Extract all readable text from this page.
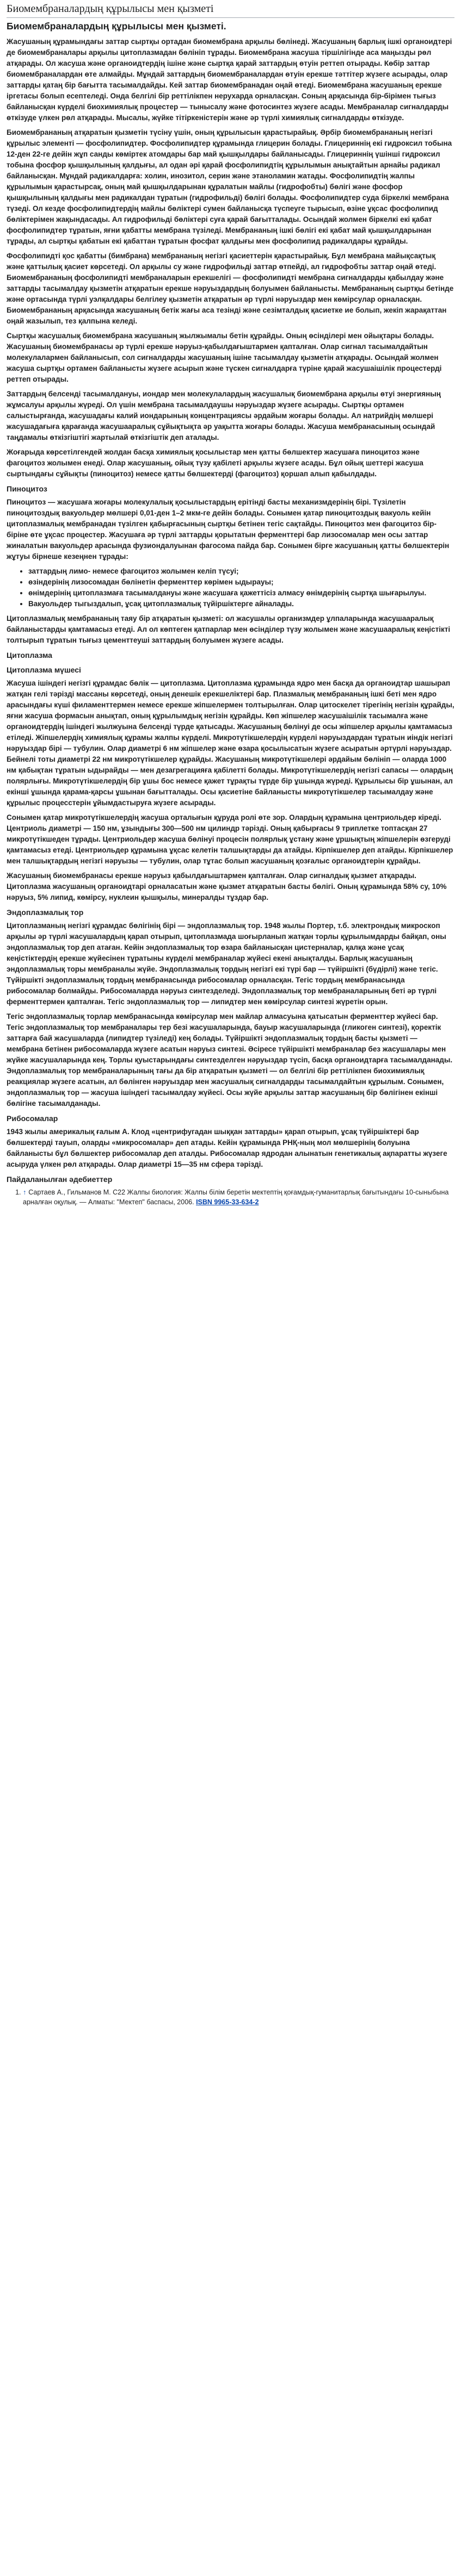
Биомембраналардың құрылысы мен қызметі
Биомембраналардың құрылысы мен қызметі.

Жасушаның құрамындағы заттар сыртқы ортадан биомембрана арқылы бөлінеді. Жасушаның барлық ішкі органоидтері де биомембраналары арқылы цитоплазмадан бөлініп тұрады. Биомембрана жасуша тіршілігінде аса маңызды рөл атқарады. Ол жасуша және органоидтердің ішіне және сыртқа қарай заттардың өтуін реттеп отырады. Көбiр заттар биомембраналардан өте алмайды. Мұндай заттардың биомембраналардан өтуін ерекше тәттiтер жүзеге асырады, олар заттарды қатаң бiр бағытта тасымалдайды. Кей заттар биомембранадан оңай өтеді. Биомембрана жасушаның ерекше iргетасы болып есептеледі. Онда белгiлi бiр реттiлiкпен нерухарда орналасқан. Соның арқасында бiр-бiрiмен тығыз байланысқан күрделi биохимиялық процестер — тынысалу және фотосинтез жүзеге асады. Мембраналар сигналдарды өткiзуде үлкен рөл атқарады. Мысалы, жүйке тiтiркенiстерiн және әр түрлi химиялық сигналдарды өткiзуде.

Биомембрананың атқаратын қызметін түсіну үшін, оның құрылысын қарастырайық. Әрбiр биомембрананың негiзгi құрылыс элементi — фосфолипидтер. Фосфолипидтер құрамында глицерин болады. Глицериннің екі гидроксил тобына 12-ден 22-ге дейін жұп санды көміртек атомдары бар май қышқылдары байланысады. Глицериннің үшінші гидроксил тобына фосфор қышқылының қалдығы, ал одан әрі қарай фосфолипидтің құрылымын анықтайтын арнайы радикал байланысқан. Мұндай радикалдарға: холин, инозитол, серин және этаноламин жатады. Фосфолипидтің жалпы құрылымын қарастырсақ, оның май қышқылдарынан құралатын майлы (гидрофобты) бөлігі және фосфор қышқылының қалдығы мен радикалдан тұратын (гидрофильді) бөлігі болады. Фосфолипидтер суда бiркелкi мембрана түзеді. Ол кезде фосфолипидтердің майлы бөліктері сумен байланысқа түспеуге тырысып, өзіне ұқсас фосфолипид бөліктерімен жақындасады. Ал гидрофильді бөліктері суға қарай бағытталады. Осындай жолмен біркелкі екі қабат фосфолипидтер тұратын, яғни қабатты мембрана түзіледі. Мембрананың ішкі бөлігі екі қабат май қышқылдарынан тұрады, ал сыртқы қабатын екі қабаттан тұратын фосфат қалдығы мен фосфолипид радикалдары құрайды.

Фосфолипидті қос қабатты (бимбрана) мембрананың негiзгi қасиеттерiн қарастырайық. Бұл мембрана майықсақтық және қаттылық қасиет көрсетедi. Ол арқылы су және гидрофильді заттар өтпейді, ал гидрофобты заттар оңай өтеді. Биомембрананың фосфолипидті мембраналарын ерекшелігi — фосфолипидті мембрана сигналдарды қабылдау және заттарды тасымалдау қызметін атқаратын ерекше нәруыздардың болуымен байланысты. Мембрананың сыртқы бетiнде және ортасында түрлі уэлқалдары белгiлеу қызметiн атқаратын әр түрлi нәруыздар мен көмiрсулар орналасқан. Биомембрананың арқасында жасушаның бетiк жағы аса тезiндi және сезiмталдық қасиетке ие болып, жекiп жарақаттан оңай жазылып, тез қалпына келедi.

Сыртқы жасушалық биомембрана жасушаның жылжымалы бетін құрайды. Оның өсіндiлерi мен ойықтары болады. Жасушаның биомембранасы әр түрлi ерекше нәруыз-қабылдағыштармен қапталған. Олар сигнал тасымалдайтын молекулалармен байланысып, сол сигналдарды жасушаның iшiне тасымалдау қызметiн атқарады. Осындай жолмен жасуша сыртқы ортамен байланысты жүзеге асырып және түскен сигналдарға түрiне қарай жасушаiшiлiк процестердi реттеп отырады.

Заттардың белсендi тасымалдануы, иондар мен молекулалардың жасушалық биомембрана арқылы өтуi энергияның жұмсалуы арқылы жүредi. Ол үшiн мембрана тасымалдаушы нәруыздар жүзеге асырады. Сыртқы ортамен салыстырғанда, жасушадағы калий иондарының концентрациясы әрдайым жоғары болады. Ал натрийдiң мөлшерi жасушадағыға қарағанда жасушааралық сұйықтықта әр уақытта жоғары болады. Жасуша мембранасының осындай таңдамалы өткiзгiштiгi жартылай өткiзгiштiк деп аталады.

Жоғарыда көрсетiлгендей жолдан басқа химиялық қосылыстар мен қатты бөлшектер жасушаға пиноцитоз және фагоцитоз жолымен енедi. Олар жасушаның, ойық түзу қабiлетi арқылы жүзеге асады. Бұл ойық шеттерi жасуша сыртындағы сұйықты (пиноцитоз) немесе қатты бөлшектердi (фагоцитоз) қоршап алып қабылдады.

Пиноцитоз

Пиноцитоз — жасушаға жоғары молекулалық қосылыстардың ерiтiндi басты механизмдерiнiң бiрi. Түзiлетiн пиноцитоздық вакуольдер мөлшерi 0,01-ден 1–2 мкм-ге дейiн болады. Сонымен қатар пиноцитоздық вакуоль кейiн цитоплазмалық мембранадан түзiлген қабырғасының сыртқы бетiнен тегiс сақтайды. Пиноцитоз мен фагоцитоз бiр-бiрiне өте ұқсас процестер. Жасушаға әр түрлi заттарды қорытатын ферменттерi бар лизосомалар мен осы заттар жиналатын вакуольдер арасында фузиондалуынан фагосома пайда бар. Сонымен бiрге жасушаның қатты бөлшектерiн жұтуы бiрнеше кезеңнен тұрады:

• заттардың лимо- немесе фагоцитоз жолымен келiп түсуi;
• өзiндерiнiң лизосомадан бөлiнетiн ферменттер көрiмен ыдырауы;
• өнiмдерiнiң цитоплазмаға тасымалдануы және жасушаға қажеттiсiз алмасу өнiмдерiнiң сыртқа шығарылуы.
• Вакуольдер тыгыздалып, ұсақ цитоплазмалық түйiршiктерге айналады.

Цитоплазмалық мембрананың таяу бiр атқаратын қызметi: ол жасушалы организмдер ұлпаларында жасушааралық байланыстарды қамтамасыз етедi. Ал ол көптеген қатпарлар мен өсiндiлер түзу жолымен және жасушааралық кеңiстiктi толтырып тұратын тығыз цементтеушi заттардың болуымен жүзеге асады.

Цитоплазма
Цитоплазма мүшесі

Жасуша iшiндегi негiзгi құрамдас бөлiк — цитоплазма. Цитоплазма құрамында ядро мен басқа да органоидтар шашырап жатқан гелi тәрiздi массаны көрсетедi, оның денешiк ерекшелiктерi бар. Плазмалық мембрананың iшкi бетi мен ядро арасындағы күшi филаменттермен немесе ерекше жiпшелермен толтырылған. Олар цитоскелет тiрегiнiң негiзiн құрайды, яғни жасуша формасын анықтап, оның құрылымдық негiзiн құрайды. Көп жiпшелер жасушаiшiлiк тасымалға және органоидтердiң ішiндегi жылжуына белсендi түрде қатысады. Жасушаның бөлiнуi де осы жiпшелер арқылы қамтамасыз етiледi. Жiпшелердiң химиялық құрамы жалпы күрделi. Микротүтiкшелердiң күрделi нәруыздардан тұратын иiндiк негiзгi нәруыздар бiрi — тубулин. Олар диаметрi 6 нм жiпшелер және өзара қосылысатын жүзеге асыратын әртүрлi нәруыздар. Бейнелi тоты диаметрi 22 нм микротүтiкшелер құрайды. Жасушаның микротүтiкшелерi әрдайым бөлiнiп — оларда 1000 нм қабықтан тұратын ыдырайды — мен дезагрегацияға қабiлеттi болады. Микротүтiкшелердiң негiзгi сапасы — олардың полярлығы. Микротүтiкшелердiң бiр ұшы бос немесе қажет тұрақты түрде бiр ұшында жүредi. Құрылысы бiр ұшынан, ал екiншi ұшында қарама-қарсы ұшынан бағытталады. Осы қасиетiне байланысты микротүтiкшелер тасымалдау және құрылыс процесстерiн ұйымдастыруға жүзеге асырады.

Сонымен қатар микротүтiкшелердiң жасуша орталығын құруда ролi өте зор. Олардың құрамына центриольдер кiредi. Центриоль диаметрi — 150 нм, ұзындығы 300—500 нм цилиндр тәрiздi. Оның қабырғасы 9 триплетке топтасқан 27 микротүтiкшеден тұрады. Центриольдер жасуша бөлiнуi процесiн полярлық ұстану және ұршықтың жiпшелерiн өзгерудi қамтамасыз етедi. Центриольдер құрамына ұқсас келетiн талшықтарды да атайды. Кiрпiкшелер деп атайды. Кiрпiкшелер мен талшықтардың негiзгi нәруызы — тубулин, олар тұтас болып жасушаның қозғалыс органоидтерiн құрайды.

Жасушаның биомембранасы ерекше нәруыз қабылдағыштармен қапталған. Олар сигналдық қызмет атқарады. Цитоплазма жасушаның органоидтарi орналасатын және қызмет атқаратын басты бөлiгi. Оның құрамында 58% су, 10% нәруыз, 5% липид, көмiрсу, нуклеин қышқылы, минералды тұздар бар.

Эндоплазмалық тор

Цитоплазманың негiзгi құрамдас бөлiгiнiң бiрi — эндоплазмалық тор. 1948 жылы Портер, т.б. электрондық микроскоп арқылы әр түрлi жасушалардың қарап отырып, цитоплазмада шоғырланып жатқан торлы құрылымдарды байқап, оны эндоплазмалық тор деп атаған. Кейiн эндоплазмалық тор өзара байланысқан цистерналар, қалқа және ұсақ кеңiстiктердiң ерекше жүйесiнен тұратыны күрделi мембраналар жүйесi екенi анықталды. Барлық жасушаның эндоплазмалық торы мембраналы жүйе. Эндоплазмалық тордың негiзгi екi түрi бар — түйiршiктi (бүдiрлi) және тегiс. Түйiршiктi эндоплазмалық тордың мембранасында рибосомалар орналасқан. Тегiс тордың мембранасында рибосомалар болмайды. Рибосомаларда нәруыз синтезделедi. Эндоплазмалық тор мембраналарының бетi әр түрлi ферменттермен қапталған. Тегiс эндоплазмалық тор — липидтер мен көмiрсулар синтезi жүретiн орын.

Тегiс эндоплазмалық торлар мембранасында көмiрсулар мен майлар алмасуына қатысатын ферменттер жүйесi бар. Тегiс эндоплазмалық тор мембраналары тер безi жасушаларында, бауыр жасушаларында (гликоген синтезi), қоректiк заттарға бай жасушаларда (липидтер түзiледi) кең болады. Түйiршiктi эндоплазмалық тордың басты қызметi — мембрана бетiнен рибосомаларда жүзеге асатын нәруыз синтезi. Әсiресе түйiршiктi мембраналар без жасушалары мен жүйке жасушаларында кең. Торлы қуыстарындағы синтезделген нәруыздар түсiп, басқа органоидтарға тасымалданады. Эндоплазмалық тор мембраналарының тағы да бiр атқаратын қызметi — ол белгiлi бiр реттiлiкпен биохимиялық реакциялар жүзеге асатын, ал бөлiнген нәруыздар мен жасушалық сигналдарды тасымалдайтын құрылым. Сонымен, эндоплазмалық тор — жасуша iшiндегi тасымалдау жүйесi. Осы жүйе арқылы заттар жасушаның бiр бөлiгiнен екiншi бөлiгiне тасымалданады.

Рибосомалар

1943 жылы америкалық ғалым А. Клод «центрифугадан шыққан заттарды» қарап отырып, ұсақ түйiршiктерi бар бөлшектердi тауып, оларды «микросомалар» деп атады. Кейiн құрамында РНҚ-ның мол мөлшерiнiң болуына байланысты бұл бөлшектер рибосомалар деп аталды. Рибосомалар ядродан алынатын генетикалық ақпаратты жүзеге асыруда үлкен рөл атқарады. Олар диаметрi 15—35 нм сфера тәрiздi.

Пайдаланылған әдебиеттер
1. ↑ Сартаев А., Гильманов М. С22 Жалпы биология: Жалпы бiлiм беретiн мектептiң қоғамдық-гуманитарлық бағытындағы 10-сыныбына арналған оқулық. — Алматы: "Мектеп" баспасы, 2006. ISBN 9965-33-634-2
